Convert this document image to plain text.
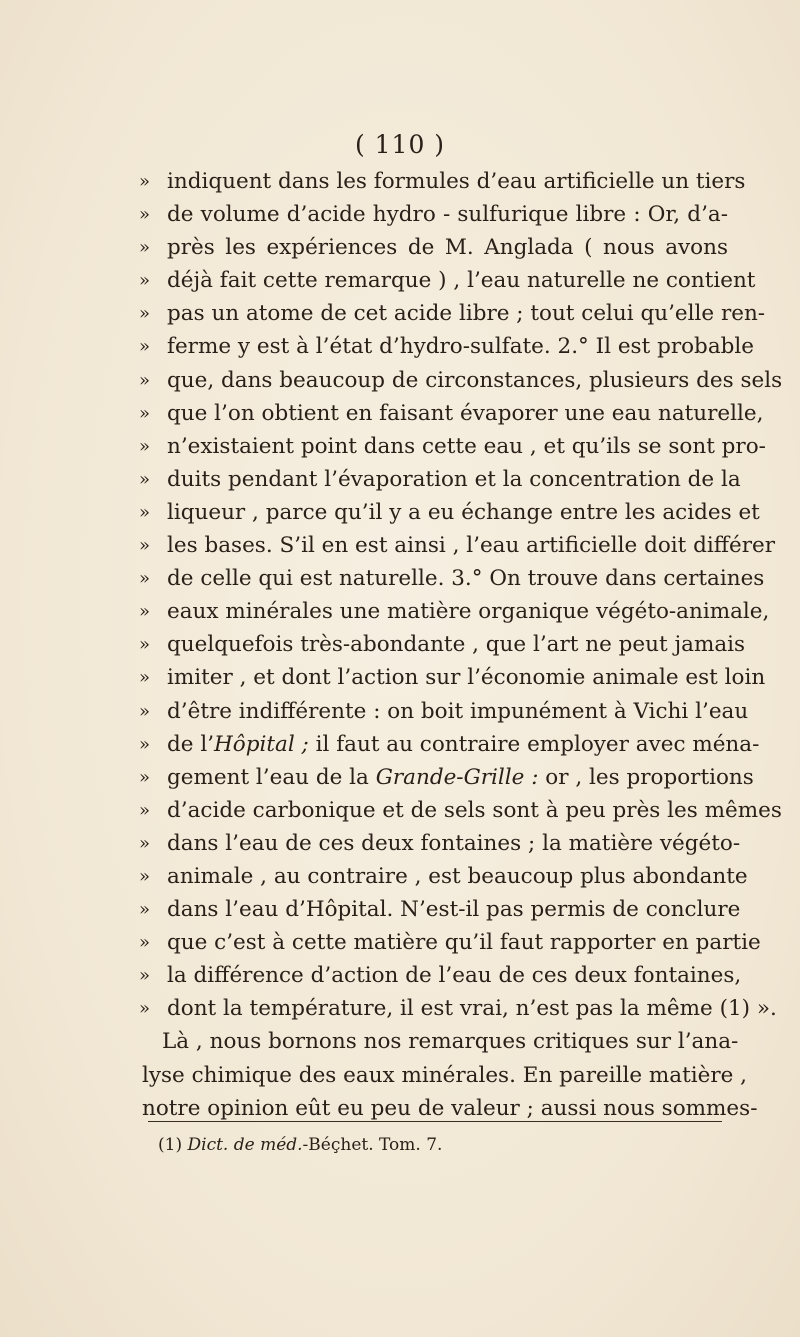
( 110 )
» indiquent dans les formules d’eau artificielle un tiers
» de volume d’acide hydro - sulfurique libre : Or, d’a-
» près les expériences de M. Anglada ( nous avons
» déjà fait cette remarque ) , l’eau naturelle ne contient
» pas un atome de cet acide libre ; tout celui qu’elle ren-
» ferme y est à l’état d’hydro-sulfate. 2.° Il est probable
» que, dans beaucoup de circonstances, plusieurs des sels
» que l’on obtient en faisant évaporer une eau naturelle,
» n’existaient point dans cette eau , et qu’ils se sont pro-
» duits pendant l’évaporation et la concentration de la
» liqueur , parce qu’il y a eu échange entre les acides et
» les bases. S’il en est ainsi , l’eau artificielle doit différer
» de celle qui est naturelle. 3.° On trouve dans certaines
» eaux minérales une matière organique végéto-animale,
» quelquefois très-abondante , que l’art ne peut jamais
» imiter , et dont l’action sur l’économie animale est loin
» d’être indifférente : on boit impunément à Vichi l’eau
» de l’Hôpital ; il faut au contraire employer avec ména-
» gement l’eau de la Grande-Grille : or , les proportions
» d’acide carbonique et de sels sont à peu près les mêmes
» dans l’eau de ces deux fontaines ; la matière végéto-
» animale , au contraire , est beaucoup plus abondante
» dans l’eau d’Hôpital. N’est-il pas permis de conclure
» que c’est à cette matière qu’il faut rapporter en partie
» la différence d’action de l’eau de ces deux fontaines,
» dont la température, il est vrai, n’est pas la même (1) ».
Là , nous bornons nos remarques critiques sur l’ana-
lyse chimique des eaux minérales. En pareille matière ,
notre opinion eût eu peu de valeur ; aussi nous sommes-
(1) Dict. de méd.-Béçhet. Tom. 7.
